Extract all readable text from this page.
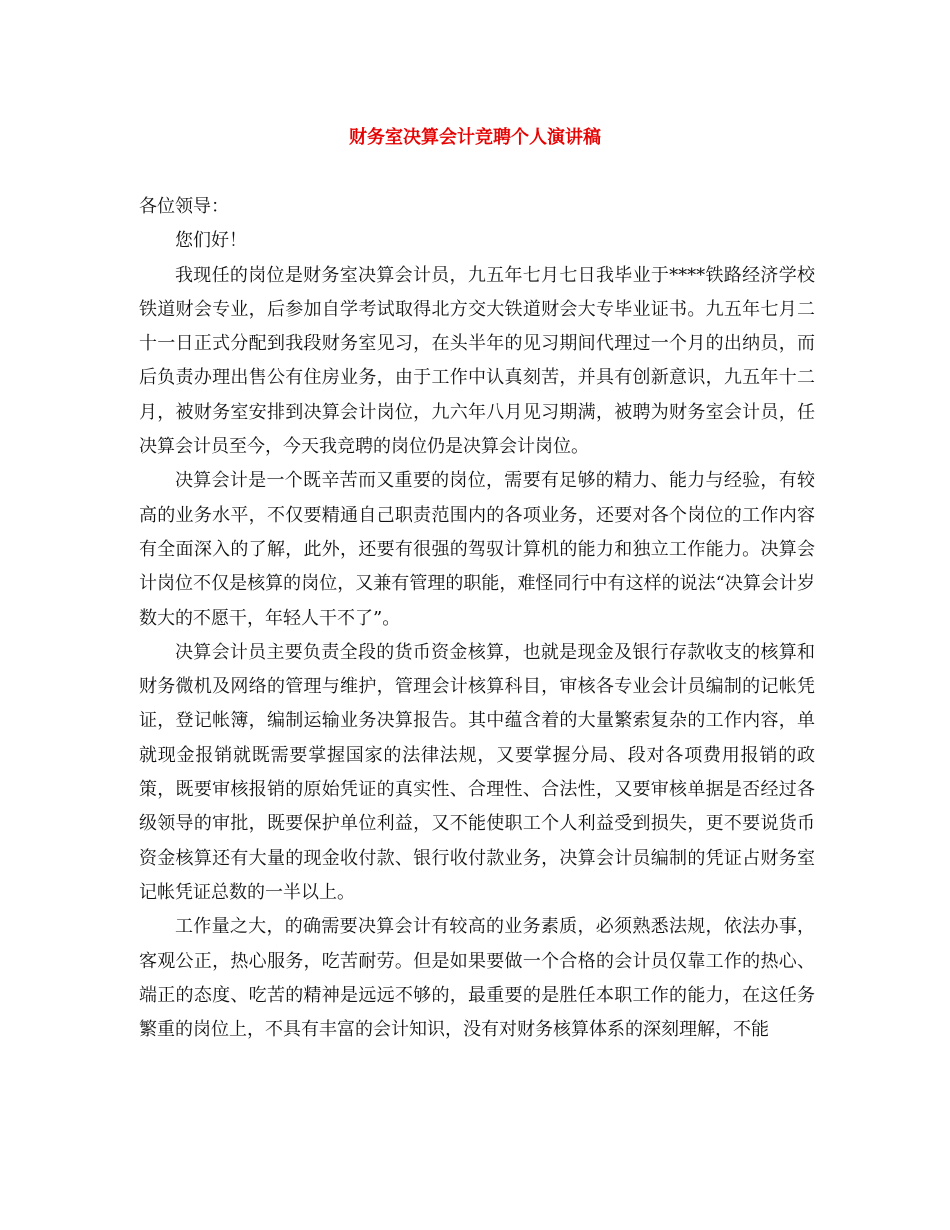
财务室决算会计竞聘个人演讲稿

各位领导：

您们好！

我现任的岗位是财务室决算会计员，九五年七月七日我毕业于****铁路经济学校铁道财会专业，后参加自学考试取得北方交大铁道财会大专毕业证书。九五年七月二十一日正式分配到我段财务室见习，在头半年的见习期间代理过一个月的出纳员，而后负责办理出售公有住房业务，由于工作中认真刻苦，并具有创新意识，九五年十二月，被财务室安排到决算会计岗位，九六年八月见习期满，被聘为财务室会计员，任决算会计员至今，今天我竞聘的岗位仍是决算会计岗位。

决算会计是一个既辛苦而又重要的岗位，需要有足够的精力、能力与经验，有较高的业务水平，不仅要精通自己职责范围内的各项业务，还要对各个岗位的工作内容有全面深入的了解，此外，还要有很强的驾驭计算机的能力和独立工作能力。决算会计岗位不仅是核算的岗位，又兼有管理的职能，难怪同行中有这样的说法“决算会计岁数大的不愿干，年轻人干不了”。

决算会计员主要负责全段的货币资金核算，也就是现金及银行存款收支的核算和财务微机及网络的管理与维护，管理会计核算科目，审核各专业会计员编制的记帐凭证，登记帐簿，编制运输业务决算报告。其中蕴含着的大量繁索复杂的工作内容，单就现金报销就既需要掌握国家的法律法规，又要掌握分局、段对各项费用报销的政策，既要审核报销的原始凭证的真实性、合理性、合法性，又要审核单据是否经过各级领导的审批，既要保护单位利益，又不能使职工个人利益受到损失，更不要说货币资金核算还有大量的现金收付款、银行收付款业务，决算会计员编制的凭证占财务室记帐凭证总数的一半以上。

工作量之大，的确需要决算会计有较高的业务素质，必须熟悉法规，依法办事，客观公正，热心服务，吃苦耐劳。但是如果要做一个合格的会计员仅靠工作的热心、端正的态度、吃苦的精神是远远不够的，最重要的是胜任本职工作的能力，在这任务繁重的岗位上，不具有丰富的会计知识，没有对财务核算体系的深刻理解，不能
